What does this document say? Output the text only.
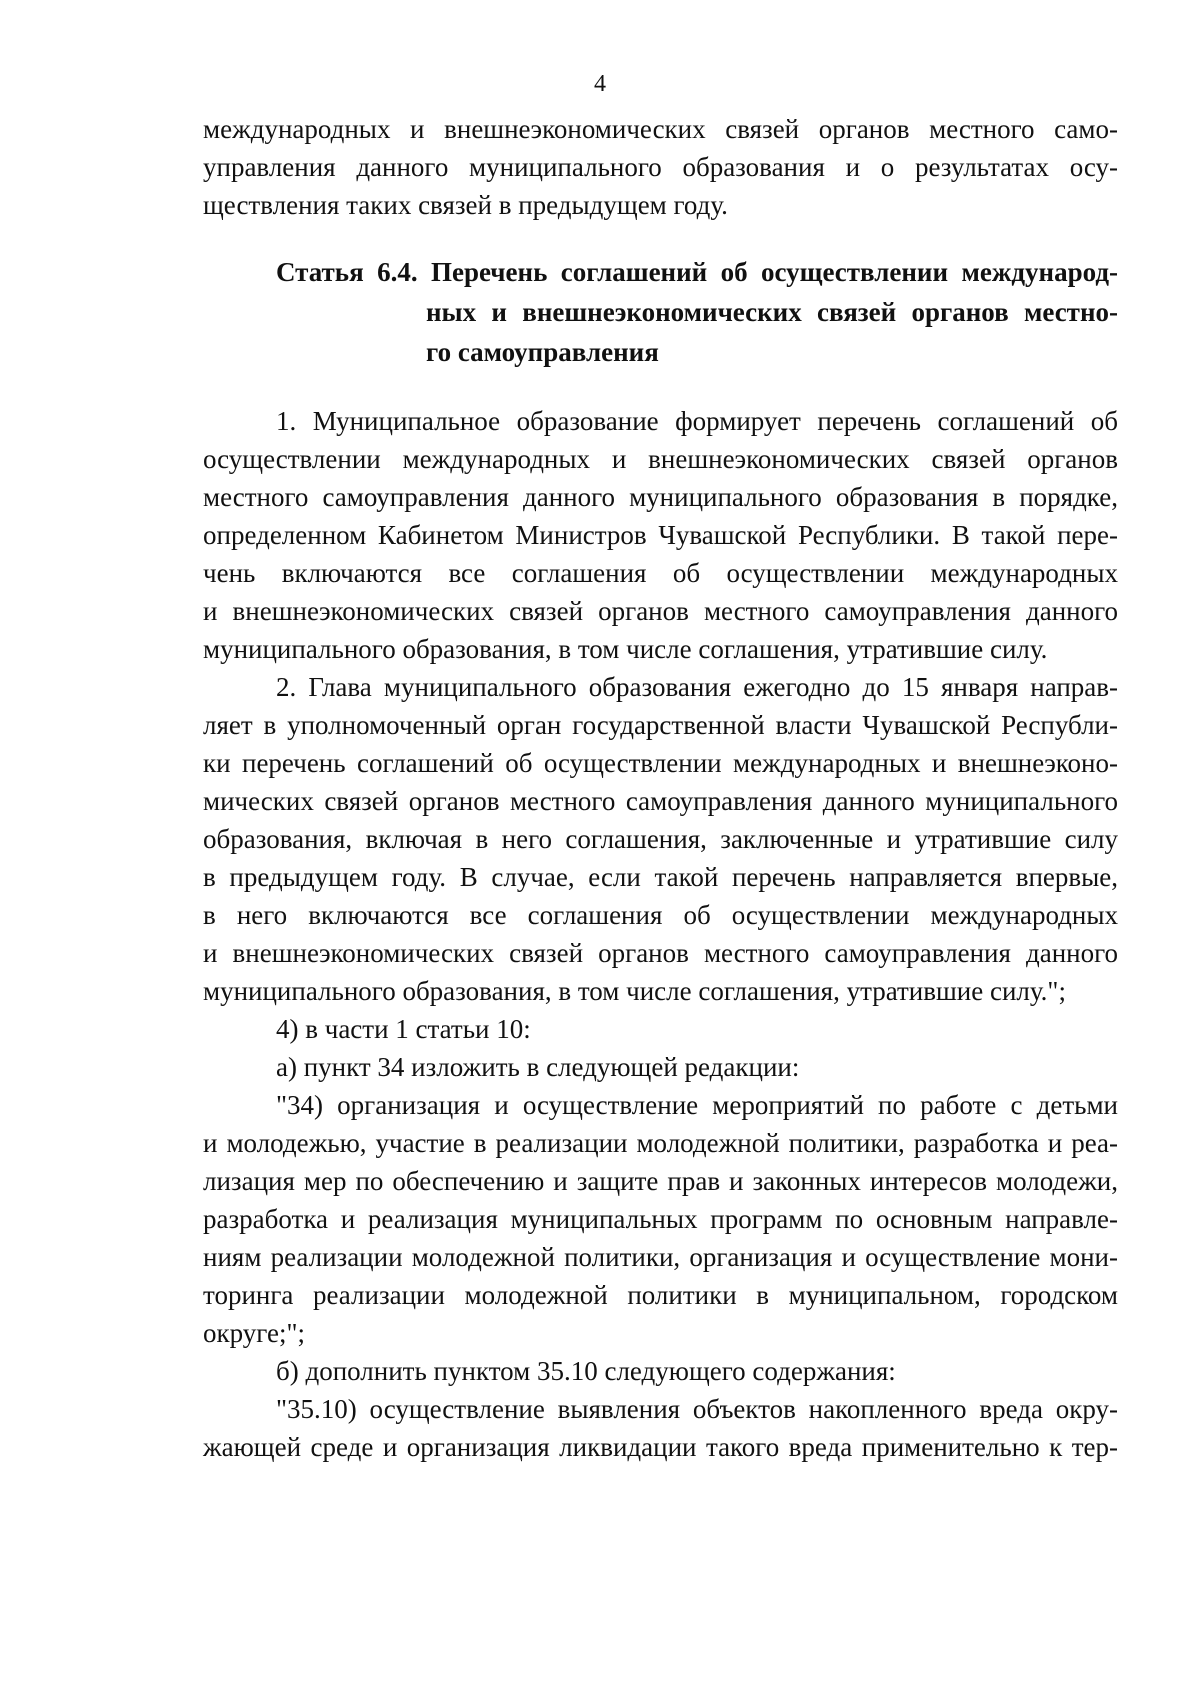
4
международных и внешнеэкономических связей органов местного само-
управления данного муниципального образования и о результатах осу-
ществления таких связей в предыдущем году.
Статья 6.4. Перечень соглашений об осуществлении международ-
ных и внешнеэкономических связей органов местно-
го самоуправления
1. Муниципальное образование формирует перечень соглашений об
осуществлении международных и внешнеэкономических связей органов
местного самоуправления данного муниципального образования в порядке,
определенном Кабинетом Министров Чувашской Республики. В такой пере-
чень включаются все соглашения об осуществлении международных
и внешнеэкономических связей органов местного самоуправления данного
муниципального образования, в том числе соглашения, утратившие силу.
2. Глава муниципального образования ежегодно до 15 января направ-
ляет в уполномоченный орган государственной власти Чувашской Республи-
ки перечень соглашений об осуществлении международных и внешнеэконо-
мических связей органов местного самоуправления данного муниципального
образования, включая в него соглашения, заключенные и утратившие силу
в предыдущем году. В случае, если такой перечень направляется впервые,
в него включаются все соглашения об осуществлении международных
и внешнеэкономических связей органов местного самоуправления данного
муниципального образования, в том числе соглашения, утратившие силу.";
4) в части 1 статьи 10:
а) пункт 34 изложить в следующей редакции:
"34) организация и осуществление мероприятий по работе с детьми
и молодежью, участие в реализации молодежной политики, разработка и реа-
лизация мер по обеспечению и защите прав и законных интересов молодежи,
разработка и реализация муниципальных программ по основным направле-
ниям реализации молодежной политики, организация и осуществление мони-
торинга реализации молодежной политики в муниципальном, городском
округе;";
б) дополнить пунктом 35.10 следующего содержания:
"35.10) осуществление выявления объектов накопленного вреда окру-
жающей среде и организация ликвидации такого вреда применительно к тер-
